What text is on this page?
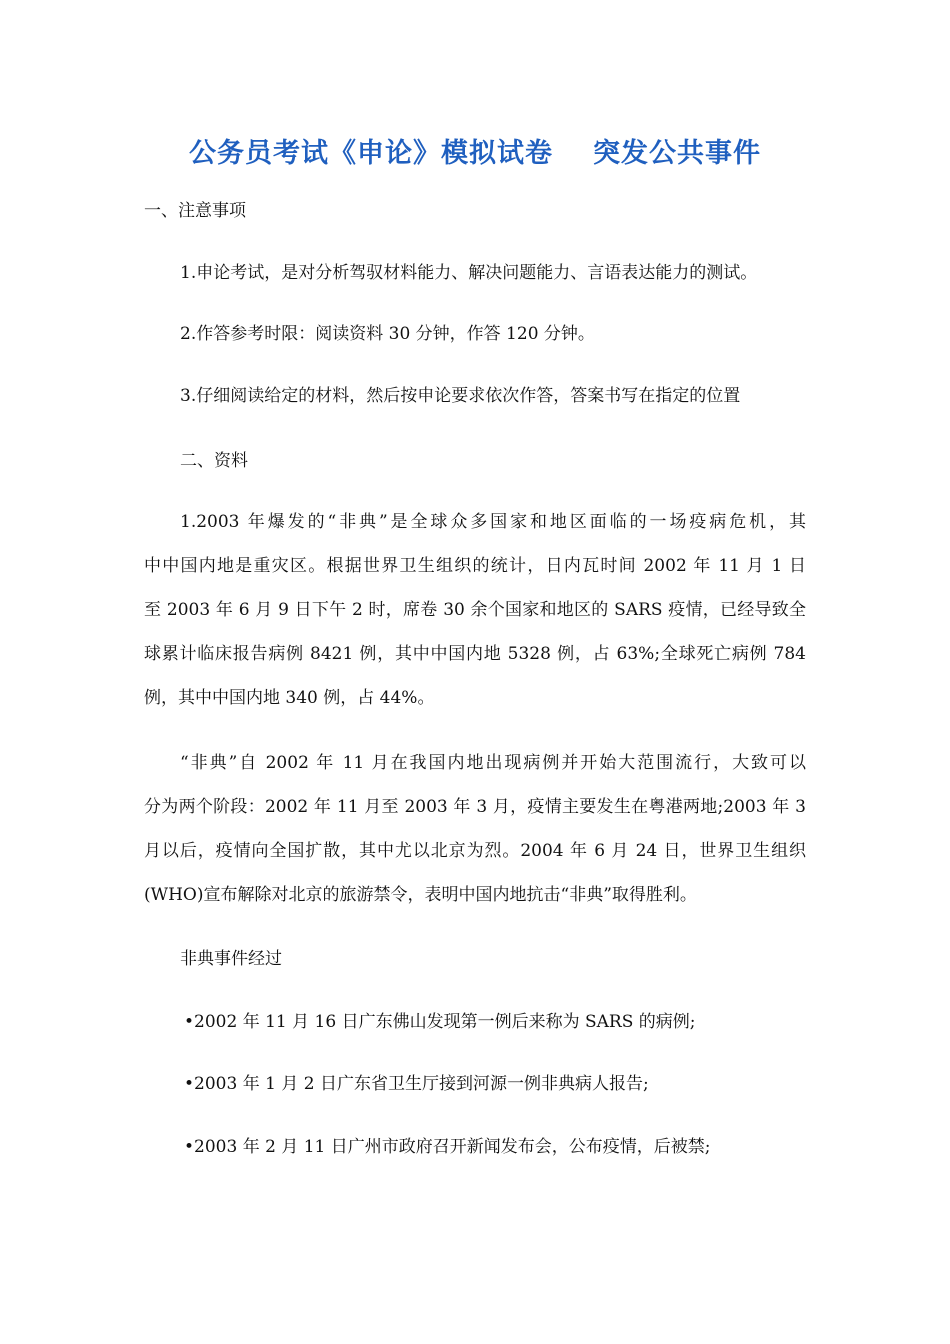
公务员考试《申论》模拟试卷 突发公共事件
一、注意事项
1.申论考试，是对分析驾驭材料能力、解决问题能力、言语表达能力的测试。
2.作答参考时限：阅读资料 30 分钟，作答 120 分钟。
3.仔细阅读给定的材料，然后按申论要求依次作答，答案书写在指定的位置
二、资料
1.2003 年爆发的“非典”是全球众多国家和地区面临的一场疫病危机，其
中中国内地是重灾区。根据世界卫生组织的统计，日内瓦时间 2002 年 11 月 1 日
至 2003 年 6 月 9 日下午 2 时，席卷 30 余个国家和地区的 SARS 疫情，已经导致全
球累计临床报告病例 8421 例，其中中国内地 5328 例，占 63%;全球死亡病例 784
例，其中中国内地 340 例，占 44%。
“非典”自 2002 年 11 月在我国内地出现病例并开始大范围流行，大致可以
分为两个阶段：2002 年 11 月至 2003 年 3 月，疫情主要发生在粤港两地;2003 年 3
月以后，疫情向全国扩散，其中尤以北京为烈。2004 年 6 月 24 日，世界卫生组织
(WHO)宣布解除对北京的旅游禁令，表明中国内地抗击“非典”取得胜利。
非典事件经过
•2002 年 11 月 16 日广东佛山发现第一例后来称为 SARS 的病例;
•2003 年 1 月 2 日广东省卫生厅接到河源一例非典病人报告;
•2003 年 2 月 11 日广州市政府召开新闻发布会，公布疫情，后被禁;
